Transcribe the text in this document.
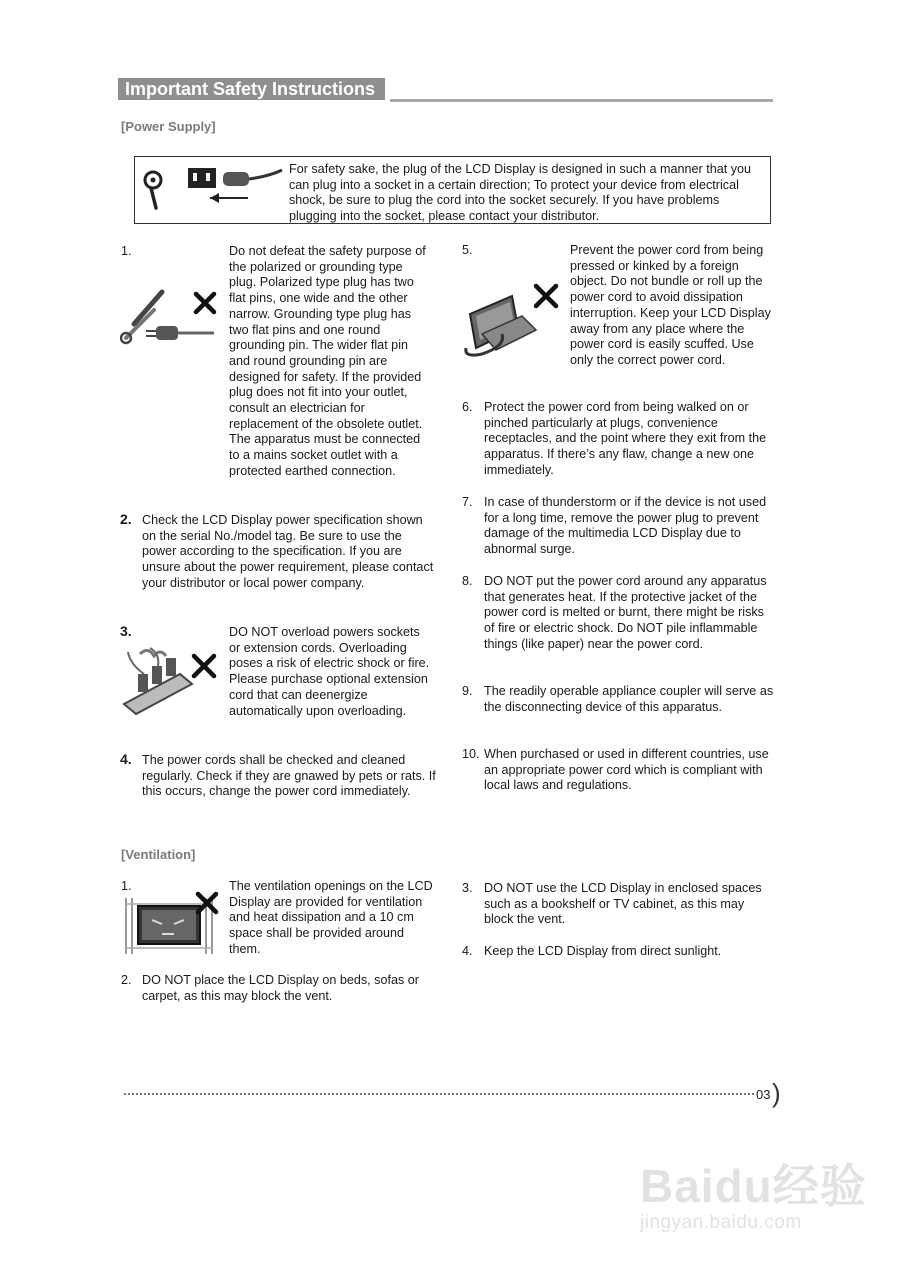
Important Safety Instructions
[Power Supply]
For safety sake, the plug of the LCD Display is designed in such a manner that you can plug into a socket in a certain direction; To protect your device from electrical shock, be sure to plug the cord into the socket securely. If you have problems plugging into the socket, please contact your distributor.
1.	Do not defeat the safety purpose of the polarized or grounding type plug. Polarized type plug has two flat pins, one wide and the other narrow. Grounding type plug has two flat pins and one round grounding pin. The wider flat pin and round grounding pin are designed for safety. If the provided plug does not fit into your outlet, consult an electrician for replacement of the obsolete outlet. The apparatus must be connected to a mains socket outlet with a protected earthed connection.
2. Check the LCD Display power specification shown on the serial No./model tag. Be sure to use the power according to the specification. If you are unsure about the power requirement, please contact your distributor or local power company.
3.	DO NOT overload powers sockets or extension cords. Overloading poses a risk of electric shock or fire. Please purchase optional extension cord that can deenergize automatically upon overloading.
4. The power cords shall be checked and cleaned regularly. Check if they are gnawed by pets or rats. If this occurs, change the power cord immediately.
5.	Prevent the power cord from being pressed or kinked by a foreign object. Do not bundle or roll up the power cord to avoid dissipation interruption. Keep your LCD Display away from any place where the power cord is easily scuffed. Use only the correct power cord.
6. Protect the power cord from being walked on or pinched particularly at plugs, convenience receptacles, and the point where they exit from the apparatus. If there’s any flaw, change a new one immediately.
7. In case of thunderstorm or if the device is not used for a long time, remove the power plug to prevent damage of the multimedia LCD Display due to abnormal surge.
8. DO NOT put the power cord around any apparatus that generates heat. If the protective jacket of the power cord is melted or burnt, there might be risks of fire or electric shock. Do NOT pile inflammable things (like paper) near the power cord.
9. The readily operable appliance coupler will serve as the disconnecting device of this apparatus.
10. When purchased or used in different countries, use an appropriate power cord which is compliant with local laws and regulations.
[Ventilation]
1.	The ventilation openings on the LCD Display are provided for ventilation and heat dissipation and a 10 cm space shall be provided around them.
2. DO NOT place the LCD Display on beds, sofas or carpet, as this may block the vent.
3. DO NOT use the LCD Display in enclosed spaces such as a bookshelf or TV cabinet, as this may block the vent.
4. Keep the LCD Display from direct sunlight.
03 )
Baidu经验
jingyan.baidu.com
